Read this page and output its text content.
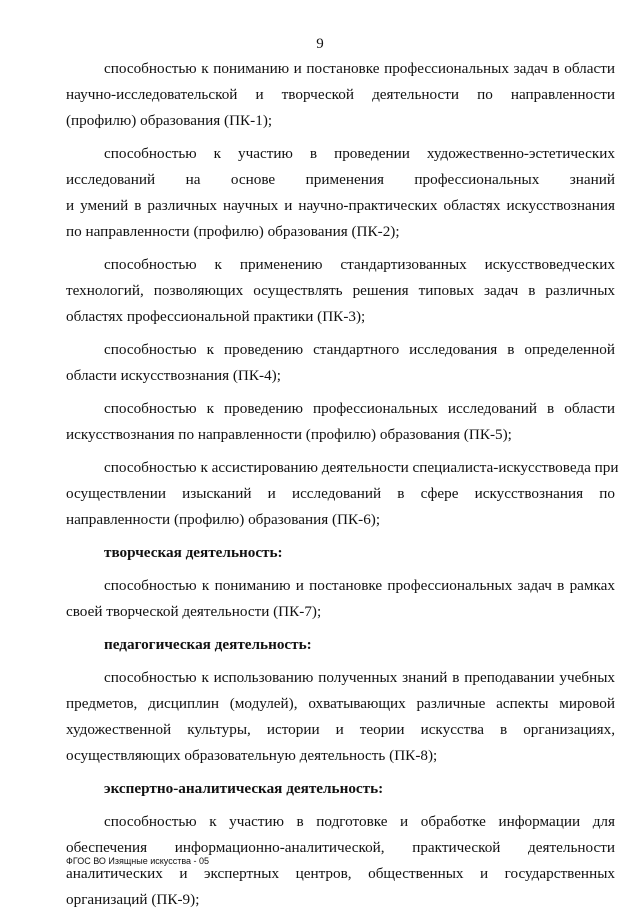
9
способностью к пониманию и постановке профессиональных задач в области
научно-исследовательской и творческой деятельности по направленности
(профилю) образования (ПК-1);
способностью к участию в проведении художественно-эстетических
исследований на основе применения профессиональных знаний
и умений в различных научных и научно-практических областях искусствознания
по направленности (профилю) образования (ПК-2);
способностью к применению стандартизованных искусствоведческих
технологий, позволяющих осуществлять решения типовых задач в различных
областях профессиональной практики (ПК-3);
способностью к проведению стандартного исследования в определенной
области искусствознания (ПК-4);
способностью к проведению профессиональных исследований в области
искусствознания по направленности (профилю) образования (ПК-5);
способностью к ассистированию деятельности специалиста-искусствоведа при
осуществлении изысканий и исследований в сфере искусствознания по
направленности (профилю) образования (ПК-6);
творческая деятельность:
способностью к пониманию и постановке профессиональных задач в рамках
своей творческой деятельности (ПК-7);
педагогическая деятельность:
способностью к использованию полученных знаний в преподавании учебных
предметов, дисциплин (модулей), охватывающих различные аспекты мировой
художественной культуры, истории и теории искусства в организациях,
осуществляющих образовательную деятельность (ПК-8);
экспертно-аналитическая деятельность:
способностью к участию в подготовке и обработке информации для
обеспечения информационно-аналитической, практической деятельности
аналитических и экспертных центров, общественных и государственных
организаций (ПК-9);
ФГОС ВО Изящные искусства - 05
